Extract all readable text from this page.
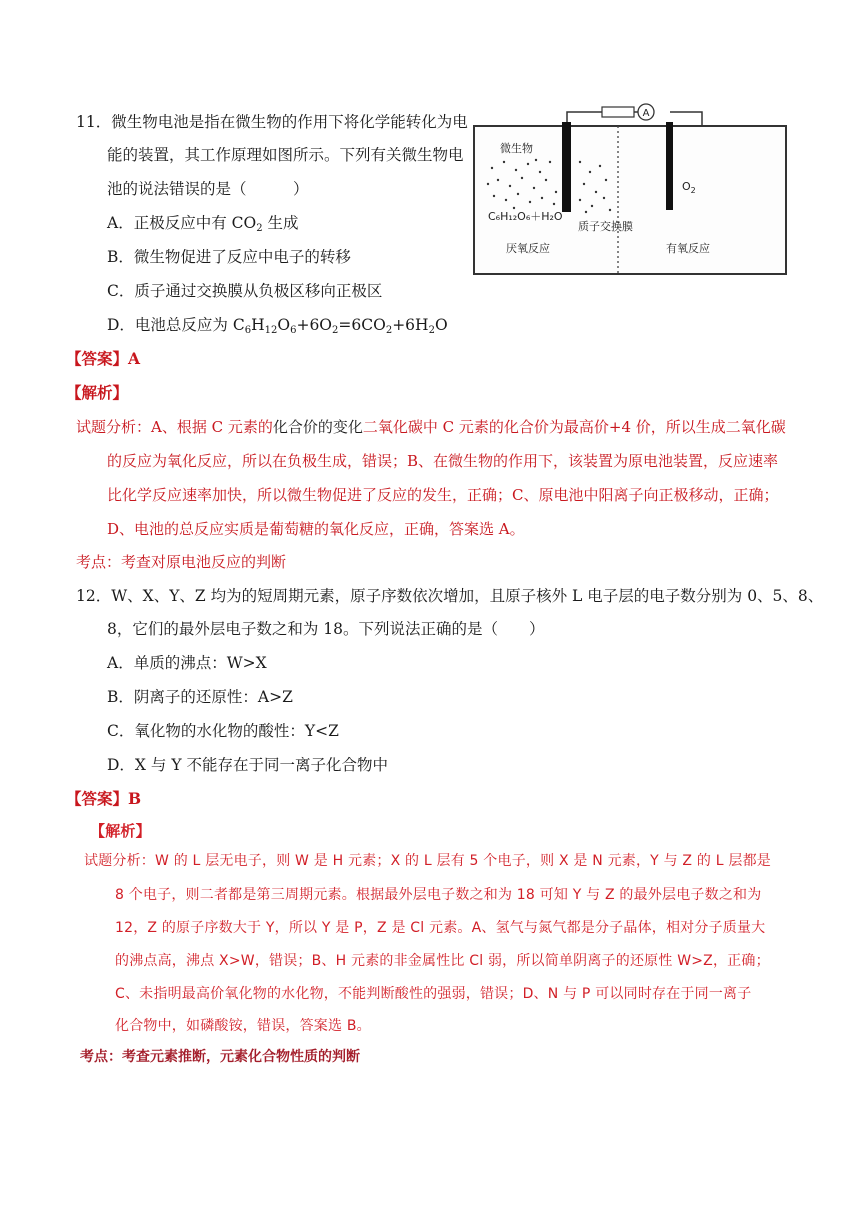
11．微生物电池是指在微生物的作用下将化学能转化为电
能的装置，其工作原理如图所示。下列有关微生物电
池的说法错误的是（　　　）
A．正极反应中有 $CO_2$ 生成
B．微生物促进了反应中电子的转移
C．质子通过交换膜从负极区移向正极区
D．电池总反应为 $C_6H_{12}O_6+6O_2=6CO_2+6H_2O$
【答案】A
【解析】
试题分析：A、根据 C 元素的化合价的变化二氧化碳中 C 元素的化合价为最高价+4 价，所以生成二氧化碳
的反应为氧化反应，所以在负极生成，错误；B、在微生物的作用下，该装置为原电池装置，反应速率
比化学反应速率加快，所以微生物促进了反应的发生，正确；C、原电池中阳离子向正极移动，正确；
D、电池的总反应实质是葡萄糖的氧化反应，正确，答案选 A。
考点：考查对原电池反应的判断
A
微生物
$O_2$
C₆H₁₂O₆＋H₂O
质子交换膜
厌氧反应	有氧反应
12．W、X、Y、Z 均为的短周期元素，原子序数依次增加，且原子核外 L 电子层的电子数分别为 0、5、8、
8，它们的最外层电子数之和为 18。下列说法正确的是（　　）
A．单质的沸点：W>X
B．阴离子的还原性：A>Z
C．氧化物的水化物的酸性：Y<Z
D．X 与 Y 不能存在于同一离子化合物中
【答案】B
【解析】
试题分析：W 的 L 层无电子，则 W 是 H 元素；X 的 L 层有 5 个电子，则 X 是 N 元素，Y 与 Z 的 L 层都是
8 个电子，则二者都是第三周期元素。根据最外层电子数之和为 18 可知 Y 与 Z 的最外层电子数之和为
12，Z 的原子序数大于 Y，所以 Y 是 P，Z 是 Cl 元素。A、氢气与氮气都是分子晶体，相对分子质量大
的沸点高，沸点 X>W，错误；B、H 元素的非金属性比 Cl 弱，所以简单阴离子的还原性 W>Z，正确；
C、未指明最高价氧化物的水化物，不能判断酸性的强弱，错误；D、N 与 P 可以同时存在于同一离子
化合物中，如磷酸铵，错误，答案选 B。
考点：考查元素推断，元素化合物性质的判断
